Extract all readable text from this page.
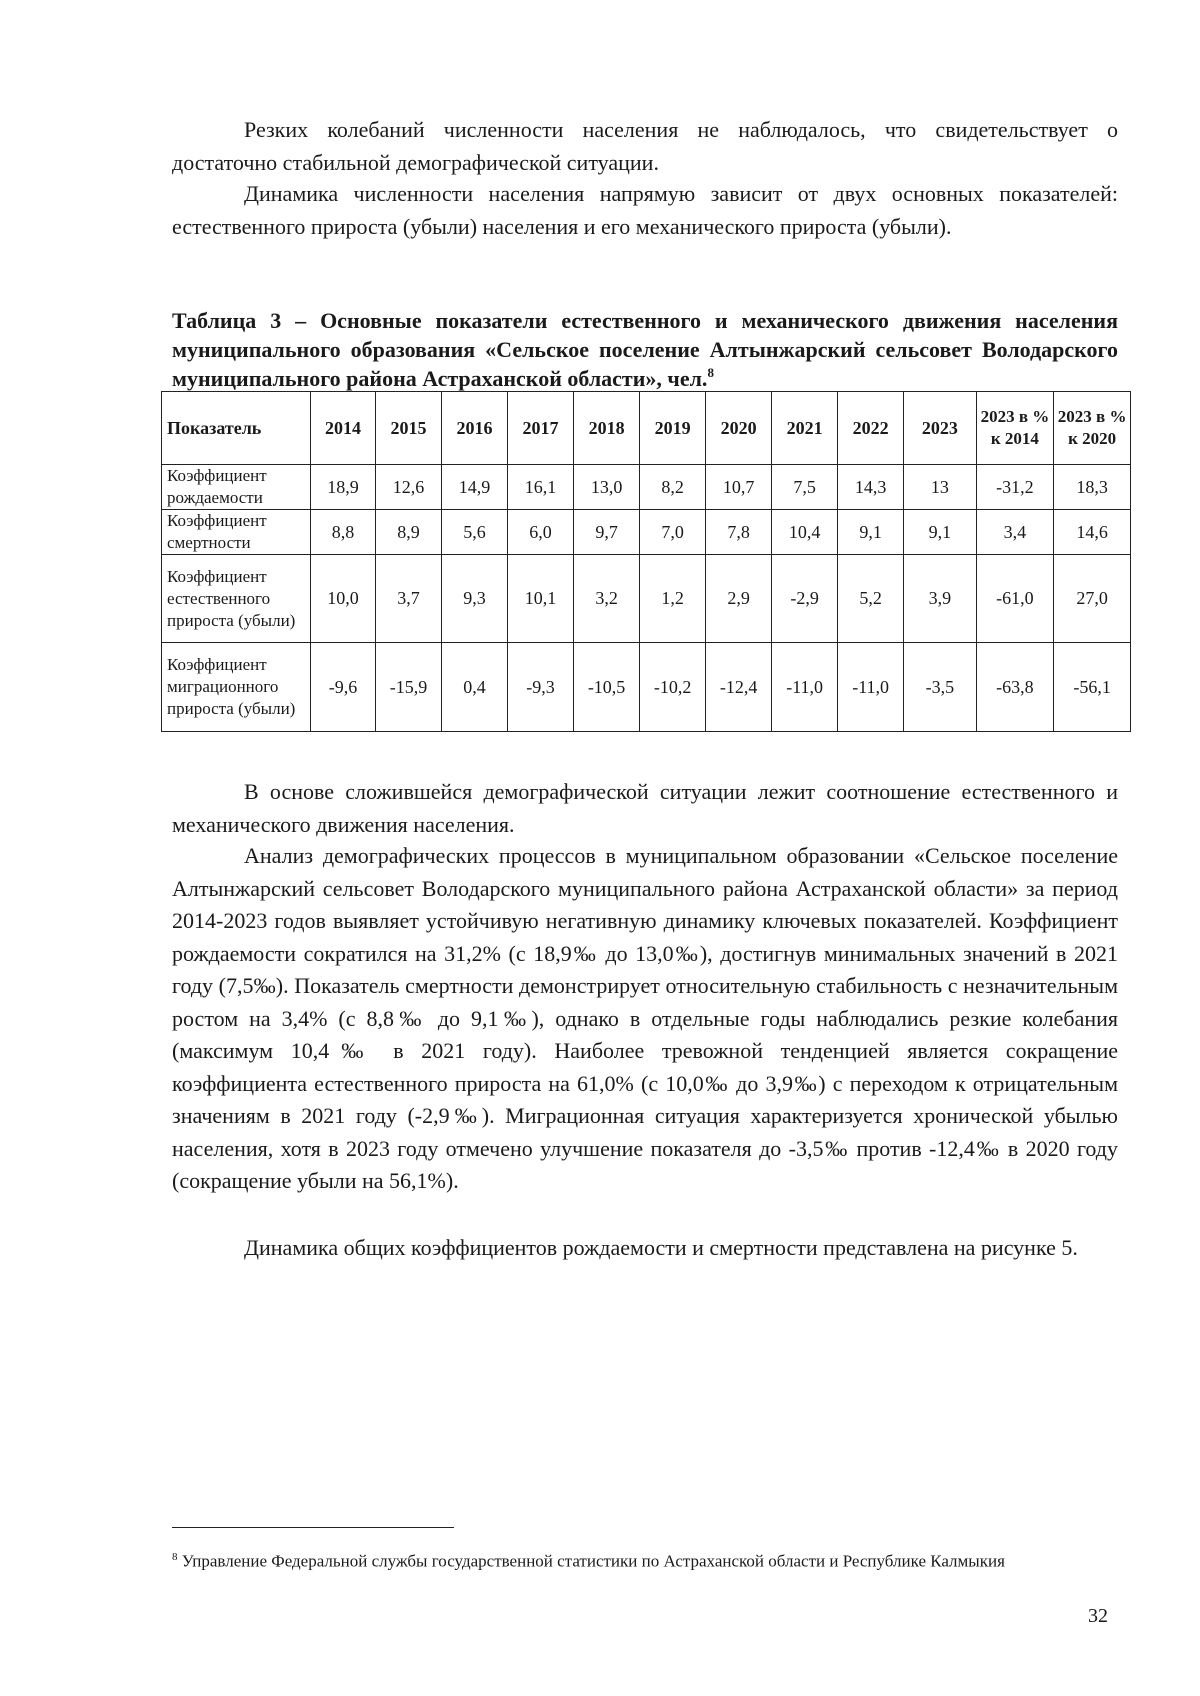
Резких колебаний численности населения не наблюдалось, что свидетельствует о достаточно стабильной демографической ситуации.

Динамика численности населения напрямую зависит от двух основных показателей: естественного прироста (убыли) населения и его механического прироста (убыли).

Таблица 3 – Основные показатели естественного и механического движения населения муниципального образования «Сельское поселение Алтынжарский сельсовет Володарского муниципального района Астраханской области», чел.$^8$

Показатель	2014	2015	2016	2017	2018	2019	2020	2021	2022	2023	2023 в % к 2014	2023 в % к 2020
Коэффициент рождаемости	18,9	12,6	14,9	16,1	13,0	8,2	10,7	7,5	14,3	13	-31,2	18,3
Коэффициент смертности	8,8	8,9	5,6	6,0	9,7	7,0	7,8	10,4	9,1	9,1	3,4	14,6
Коэффициент естественного прироста (убыли)	10,0	3,7	9,3	10,1	3,2	1,2	2,9	-2,9	5,2	3,9	-61,0	27,0
Коэффициент миграционного прироста (убыли)	-9,6	-15,9	0,4	-9,3	-10,5	-10,2	-12,4	-11,0	-11,0	-3,5	-63,8	-56,1

В основе сложившейся демографической ситуации лежит соотношение естественного и механического движения населения.

Анализ демографических процессов в муниципальном образовании «Сельское поселение Алтынжарский сельсовет Володарского муниципального района Астраханской области» за период 2014-2023 годов выявляет устойчивую негативную динамику ключевых показателей. Коэффициент рождаемости сократился на 31,2% (с 18,9‰ до 13,0‰), достигнув минимальных значений в 2021 году (7,5‰). Показатель смертности демонстрирует относительную стабильность с незначительным ростом на 3,4% (с 8,8‰ до 9,1‰), однако в отдельные годы наблюдались резкие колебания (максимум 10,4‰ в 2021 году). Наиболее тревожной тенденцией является сокращение коэффициента естественного прироста на 61,0% (с 10,0‰ до 3,9‰) с переходом к отрицательным значениям в 2021 году (-2,9‰). Миграционная ситуация характеризуется хронической убылью населения, хотя в 2023 году отмечено улучшение показателя до -3,5‰ против -12,4‰ в 2020 году (сокращение убыли на 56,1%).

Динамика общих коэффициентов рождаемости и смертности представлена на рисунке 5.

$^8$ Управление Федеральной службы государственной статистики по Астраханской области и Республике Калмыкия

32
